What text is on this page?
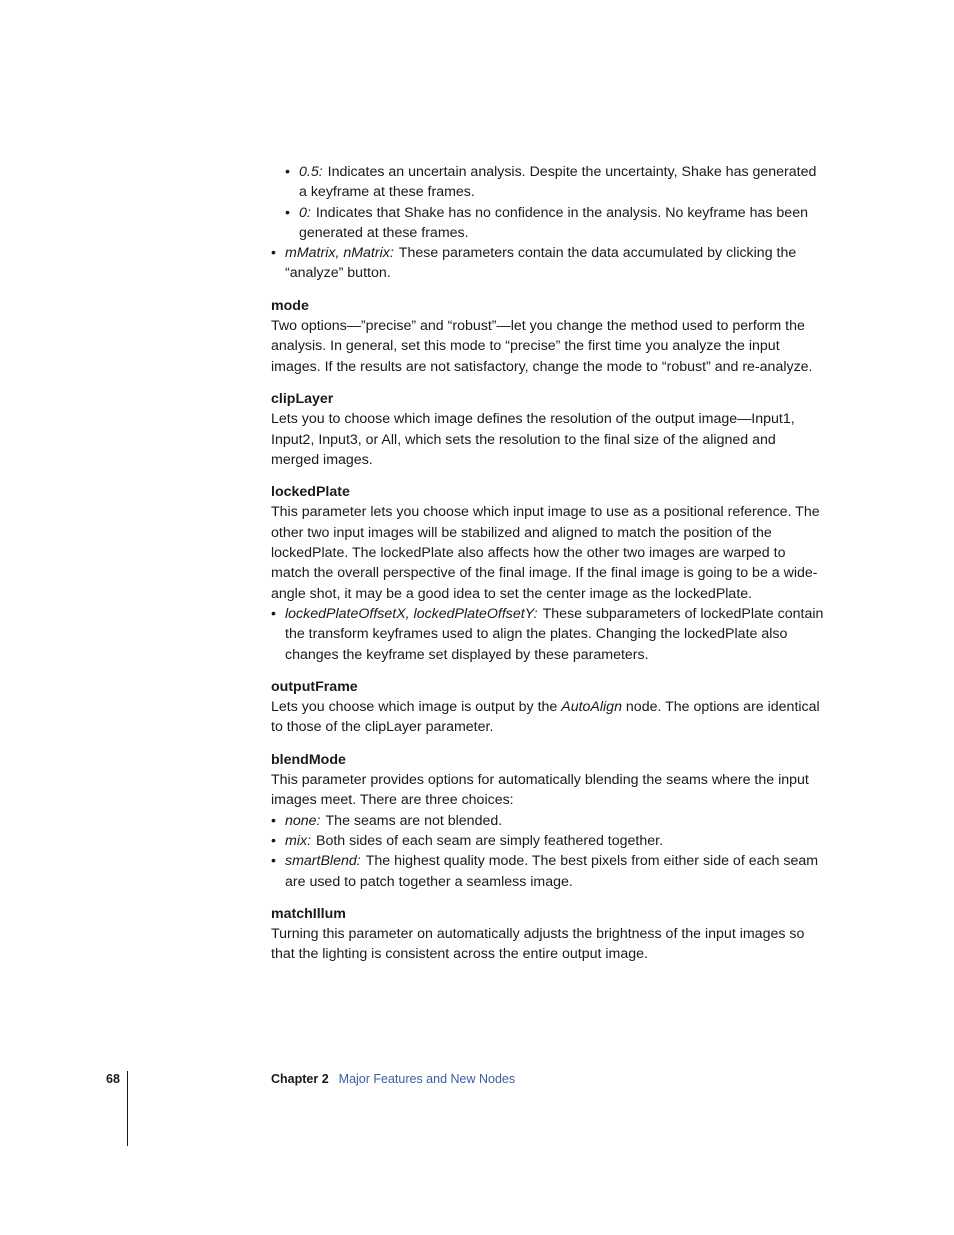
• 0.5: Indicates an uncertain analysis. Despite the uncertainty, Shake has generated a keyframe at these frames.
• 0: Indicates that Shake has no confidence in the analysis. No keyframe has been generated at these frames.
• mMatrix, nMatrix: These parameters contain the data accumulated by clicking the “analyze” button.
mode

Two options—”precise” and “robust”—let you change the method used to perform the analysis. In general, set this mode to “precise” the first time you analyze the input images. If the results are not satisfactory, change the mode to “robust” and re-analyze.

clipLayer

Lets you to choose which image defines the resolution of the output image—Input1, Input2, Input3, or All, which sets the resolution to the final size of the aligned and merged images.

lockedPlate

This parameter lets you choose which input image to use as a positional reference. The other two input images will be stabilized and aligned to match the position of the lockedPlate. The lockedPlate also affects how the other two images are warped to match the overall perspective of the final image. If the final image is going to be a wide-angle shot, it may be a good idea to set the center image as the lockedPlate.

• lockedPlateOffsetX, lockedPlateOffsetY: These subparameters of lockedPlate contain the transform keyframes used to align the plates. Changing the lockedPlate also changes the keyframe set displayed by these parameters.
outputFrame

Lets you choose which image is output by the AutoAlign node. The options are identical to those of the clipLayer parameter.

blendMode

This parameter provides options for automatically blending the seams where the input images meet. There are three choices:

• none: The seams are not blended.
• mix: Both sides of each seam are simply feathered together.
• smartBlend: The highest quality mode. The best pixels from either side of each seam are used to patch together a seamless image.
matchIllum

Turning this parameter on automatically adjusts the brightness of the input images so that the lighting is consistent across the entire output image.

68	Chapter 2 Major Features and New Nodes
